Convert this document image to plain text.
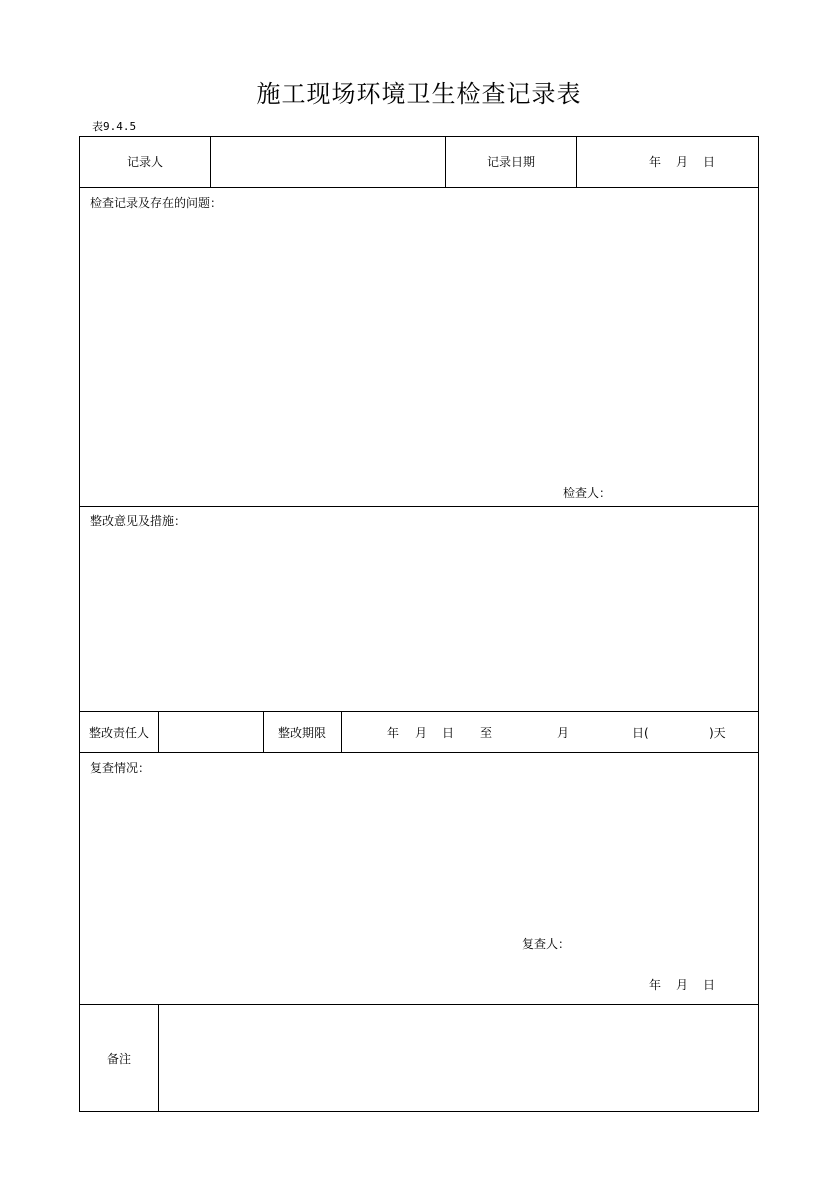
施工现场环境卫生检查记录表
表9.4.5
记录人	记录日期	年 月 日
检查记录及存在的问题：
检查人：
整改意见及措施：
整改责任人	整改期限	年 月 日 至	月	日(	)天
复查情况：
复查人：
年 月 日
备注
